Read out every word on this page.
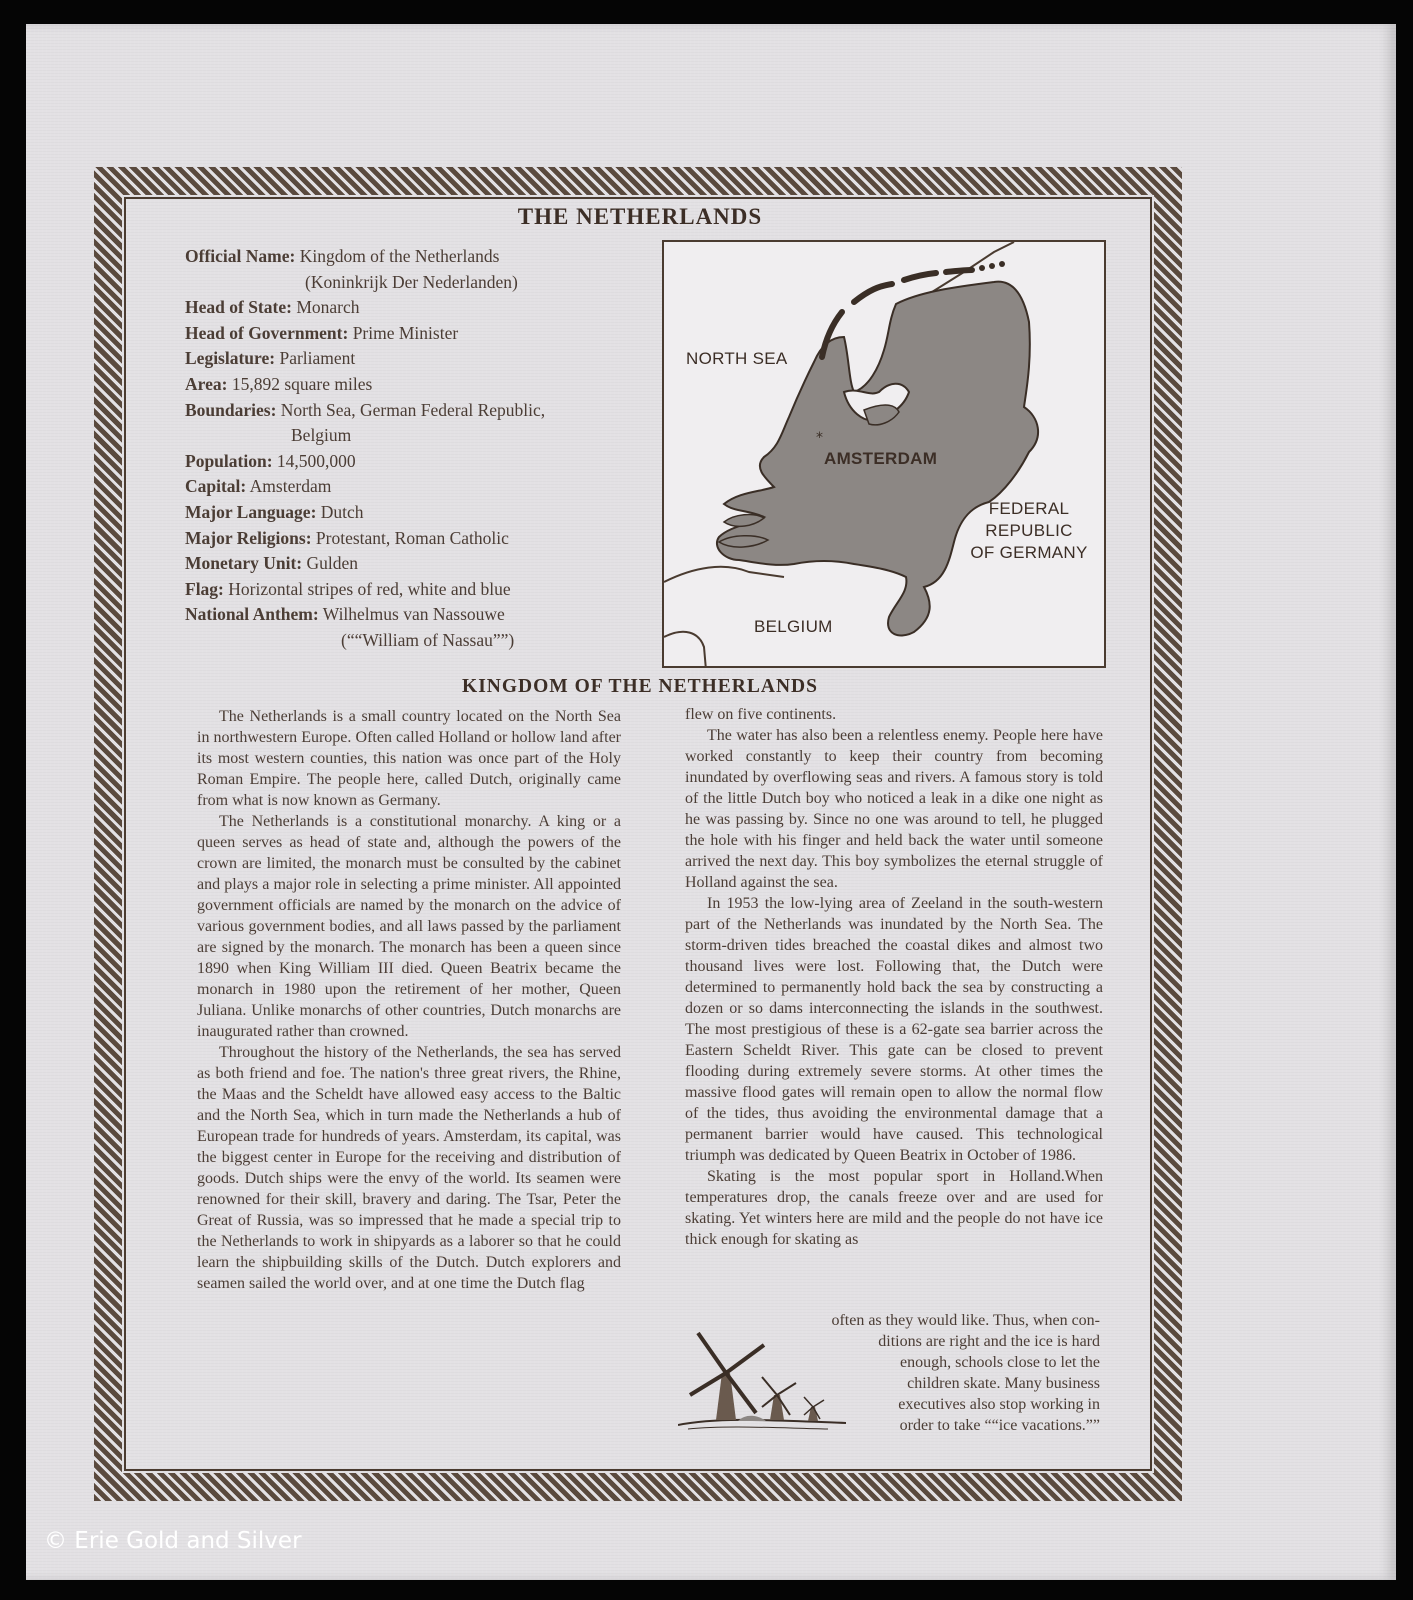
THE NETHERLANDS
Official Name: Kingdom of the Netherlands
(Koninkrijk Der Nederlanden)
Head of State: Monarch
Head of Government: Prime Minister
Legislature: Parliament
Area: 15,892 square miles
Boundaries: North Sea, German Federal Republic,
Belgium
Population: 14,500,000
Capital: Amsterdam
Major Language: Dutch
Major Religions: Protestant, Roman Catholic
Monetary Unit: Gulden
Flag: Horizontal stripes of red, white and blue
National Anthem: Wilhelmus van Nassouwe
(““William of Nassau””)
*
NORTH SEA
AMSTERDAM
FEDERAL
REPUBLIC
OF GERMANY
BELGIUM
KINGDOM OF THE NETHERLANDS

The Netherlands is a small country located on the North Sea in northwestern Europe. Often called Holland or hollow land after its most western counties, this nation was once part of the Holy Roman Empire. The people here, called Dutch, originally came from what is now known as Germany.

The Netherlands is a constitutional monarchy. A king or a queen serves as head of state and, although the powers of the crown are limited, the monarch must be consulted by the cabinet and plays a major role in selecting a prime minister. All appointed government officials are named by the monarch on the advice of various government bodies, and all laws passed by the parliament are signed by the monarch. The monarch has been a queen since 1890 when King William III died. Queen Beatrix became the monarch in 1980 upon the retirement of her mother, Queen Juliana. Unlike monarchs of other countries, Dutch monarchs are inaugurated rather than crowned.

Throughout the history of the Netherlands, the sea has served as both friend and foe. The nation's three great rivers, the Rhine, the Maas and the Scheldt have allowed easy access to the Baltic and the North Sea, which in turn made the Netherlands a hub of European trade for hundreds of years. Amsterdam, its capital, was the biggest center in Europe for the receiving and distribution of goods. Dutch ships were the envy of the world. Its seamen were renowned for their skill, bravery and daring. The Tsar, Peter the Great of Russia, was so impressed that he made a special trip to the Netherlands to work in shipyards as a laborer so that he could learn the shipbuilding skills of the Dutch. Dutch explorers and seamen sailed the world over, and at one time the Dutch flag

flew on five continents.

The water has also been a relentless enemy. People here have worked constantly to keep their country from becoming inundated by overflowing seas and rivers. A famous story is told of the little Dutch boy who noticed a leak in a dike one night as he was passing by. Since no one was around to tell, he plugged the hole with his finger and held back the water until someone arrived the next day. This boy symbolizes the eternal struggle of Holland against the sea.

In 1953 the low-lying area of Zeeland in the south-western part of the Netherlands was inundated by the North Sea. The storm-driven tides breached the coastal dikes and almost two thousand lives were lost. Following that, the Dutch were determined to permanently hold back the sea by constructing a dozen or so dams interconnecting the islands in the southwest. The most prestigious of these is a 62-gate sea barrier across the Eastern Scheldt River. This gate can be closed to prevent flooding during extremely severe storms. At other times the massive flood gates will remain open to allow the normal flow of the tides, thus avoiding the environmental damage that a permanent barrier would have caused. This technological triumph was dedicated by Queen Beatrix in October of 1986.

Skating is the most popular sport in Holland.When temperatures drop, the canals freeze over and are used for skating. Yet winters here are mild and the people do not have ice thick enough for skating as

often as they would like. Thus, when con-
ditions are right and the ice is hard
enough, schools close to let the
children skate. Many business
executives also stop working in
order to take ““ice vacations.””
© Erie Gold and Silver
